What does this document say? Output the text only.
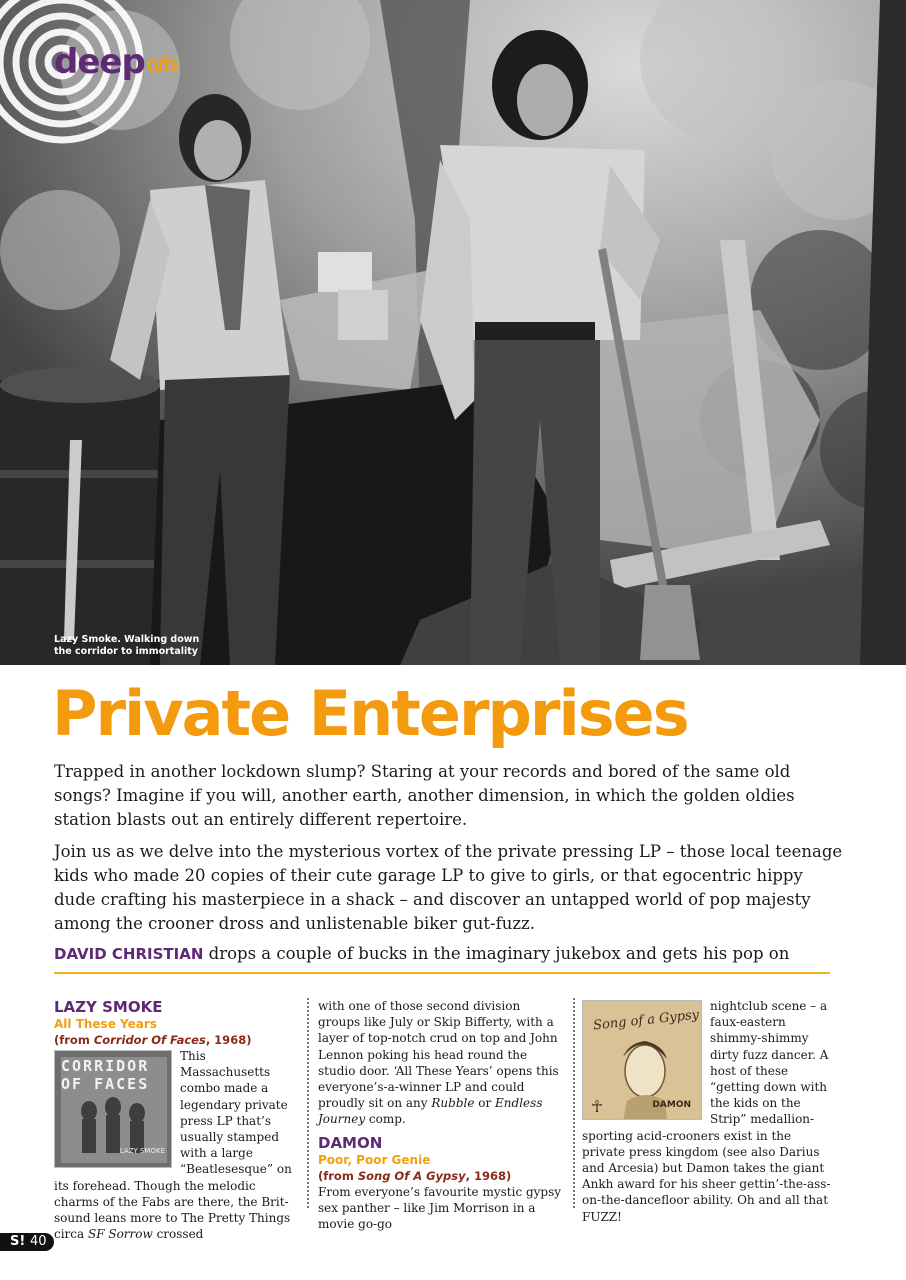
Lazy Smoke. Walking down the corridor to immortality
deep cuts
Private Enterprises

Trapped in another lockdown slump? Staring at your records and bored of the same old songs? Imagine if you will, another earth, another dimension, in which the golden oldies station blasts out an entirely different repertoire.

Join us as we delve into the mysterious vortex of the private pressing LP – those local teenage kids who made 20 copies of their cute garage LP to give to girls, or that egocentric hippy dude crafting his masterpiece in a shack – and discover an untapped world of pop majesty among the crooner dross and unlistenable biker gut-fuzz.

DAVID CHRISTIAN drops a couple of bucks in the imaginary jukebox and gets his pop on
LAZY SMOKE
All These Years
(from Corridor Of Faces, 1968)
CORRIDOR OF FACES
LAZY SMOKE
This Massachusetts combo made a legendary private press LP that’s usually stamped with a large “Beatlesesque” on its forehead. Though the melodic charms of the Fabs are there, the Brit-sound leans more to The Pretty Things circa SF Sorrow crossed
with one of those second division groups like July or Skip Bifferty, with a layer of top-notch crud on top and John Lennon poking his head round the studio door. ‘All These Years’ opens this everyone’s-a-winner LP and could proudly sit on any Rubble or Endless Journey comp.
DAMON
Poor, Poor Genie
(from Song Of A Gypsy, 1968)
From everyone’s favourite mystic gypsy sex panther – like Jim Morrison in a movie go-go
Song of a Gypsy
DAMON
☥
nightclub scene – a faux-eastern shimmy-shimmy dirty fuzz dancer. A host of these “getting down with the kids on the Strip” medallion-sporting acid-crooners exist in the private press kingdom (see also Darius and Arcesia) but Damon takes the giant Ankh award for his sheer gettin’-the-ass-on-the-dancefloor ability. Oh and all that FUZZ!
S! 40
